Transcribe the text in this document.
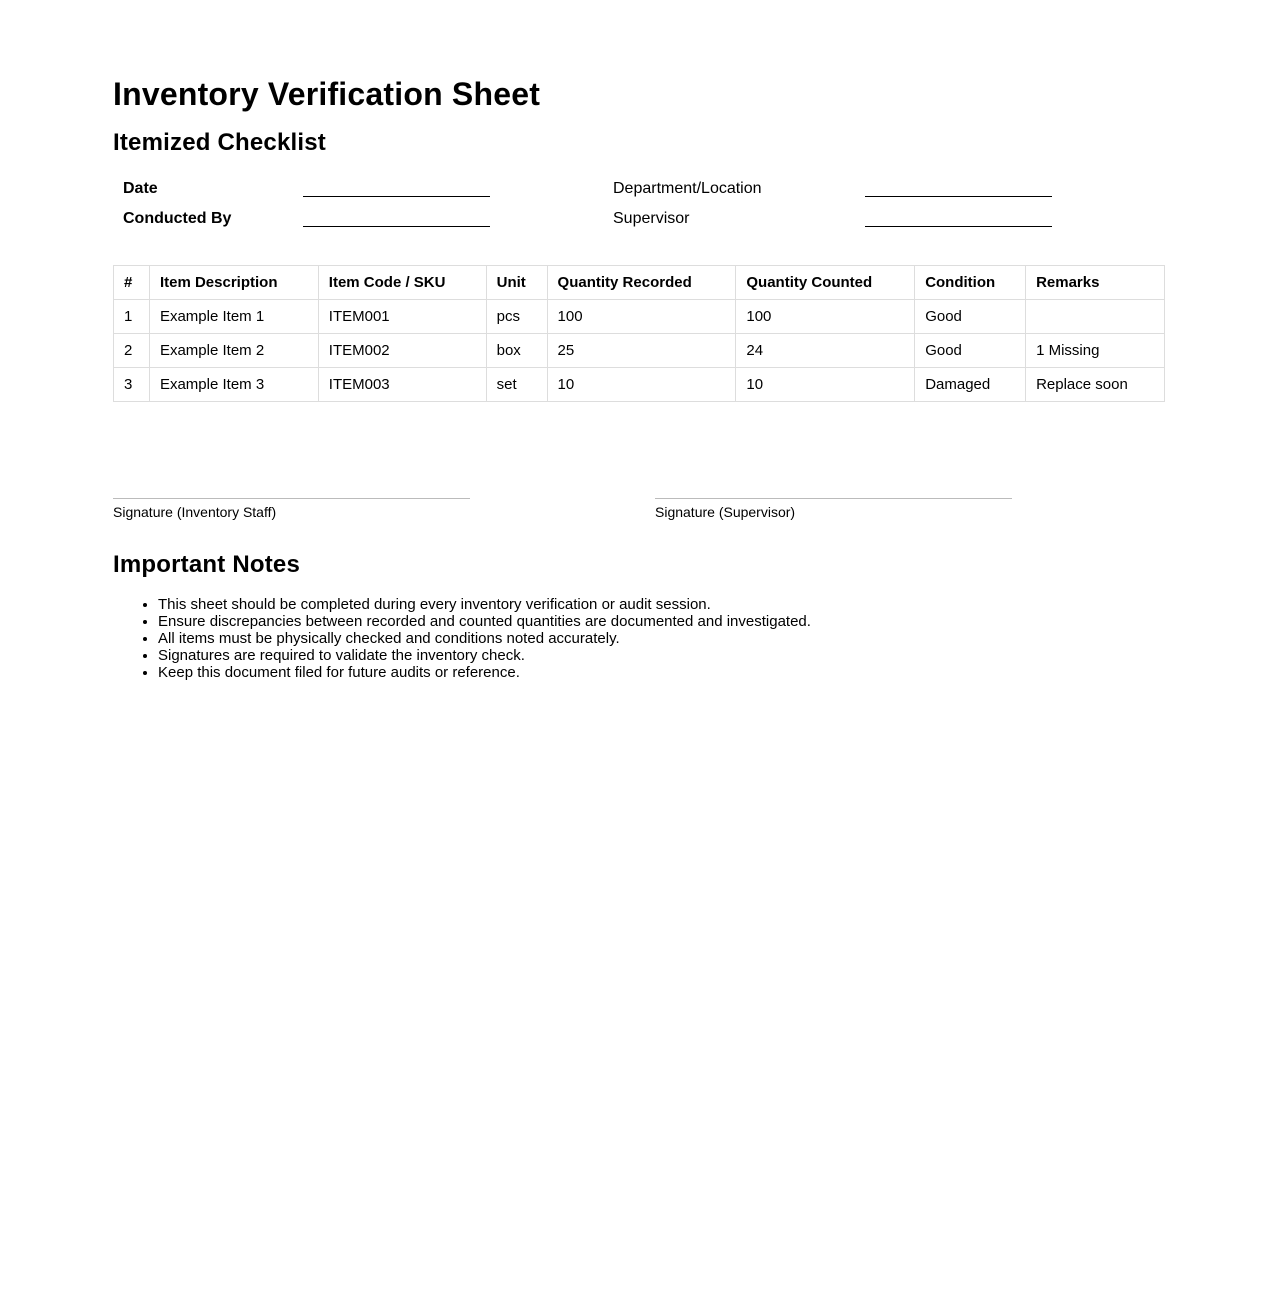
Inventory Verification Sheet
Itemized Checklist
Date	Department/Location
Conducted By	Supervisor
#	Item Description	Item Code / SKU	Unit	Quantity Recorded	Quantity Counted	Condition	Remarks
1	Example Item 1	ITEM001	pcs	100	100	Good	
2	Example Item 2	ITEM002	box	25	24	Good	1 Missing
3	Example Item 3	ITEM003	set	10	10	Damaged	Replace soon
Signature (Inventory Staff)	Signature (Supervisor)
Important Notes
• This sheet should be completed during every inventory verification or audit session.
• Ensure discrepancies between recorded and counted quantities are documented and investigated.
• All items must be physically checked and conditions noted accurately.
• Signatures are required to validate the inventory check.
• Keep this document filed for future audits or reference.
